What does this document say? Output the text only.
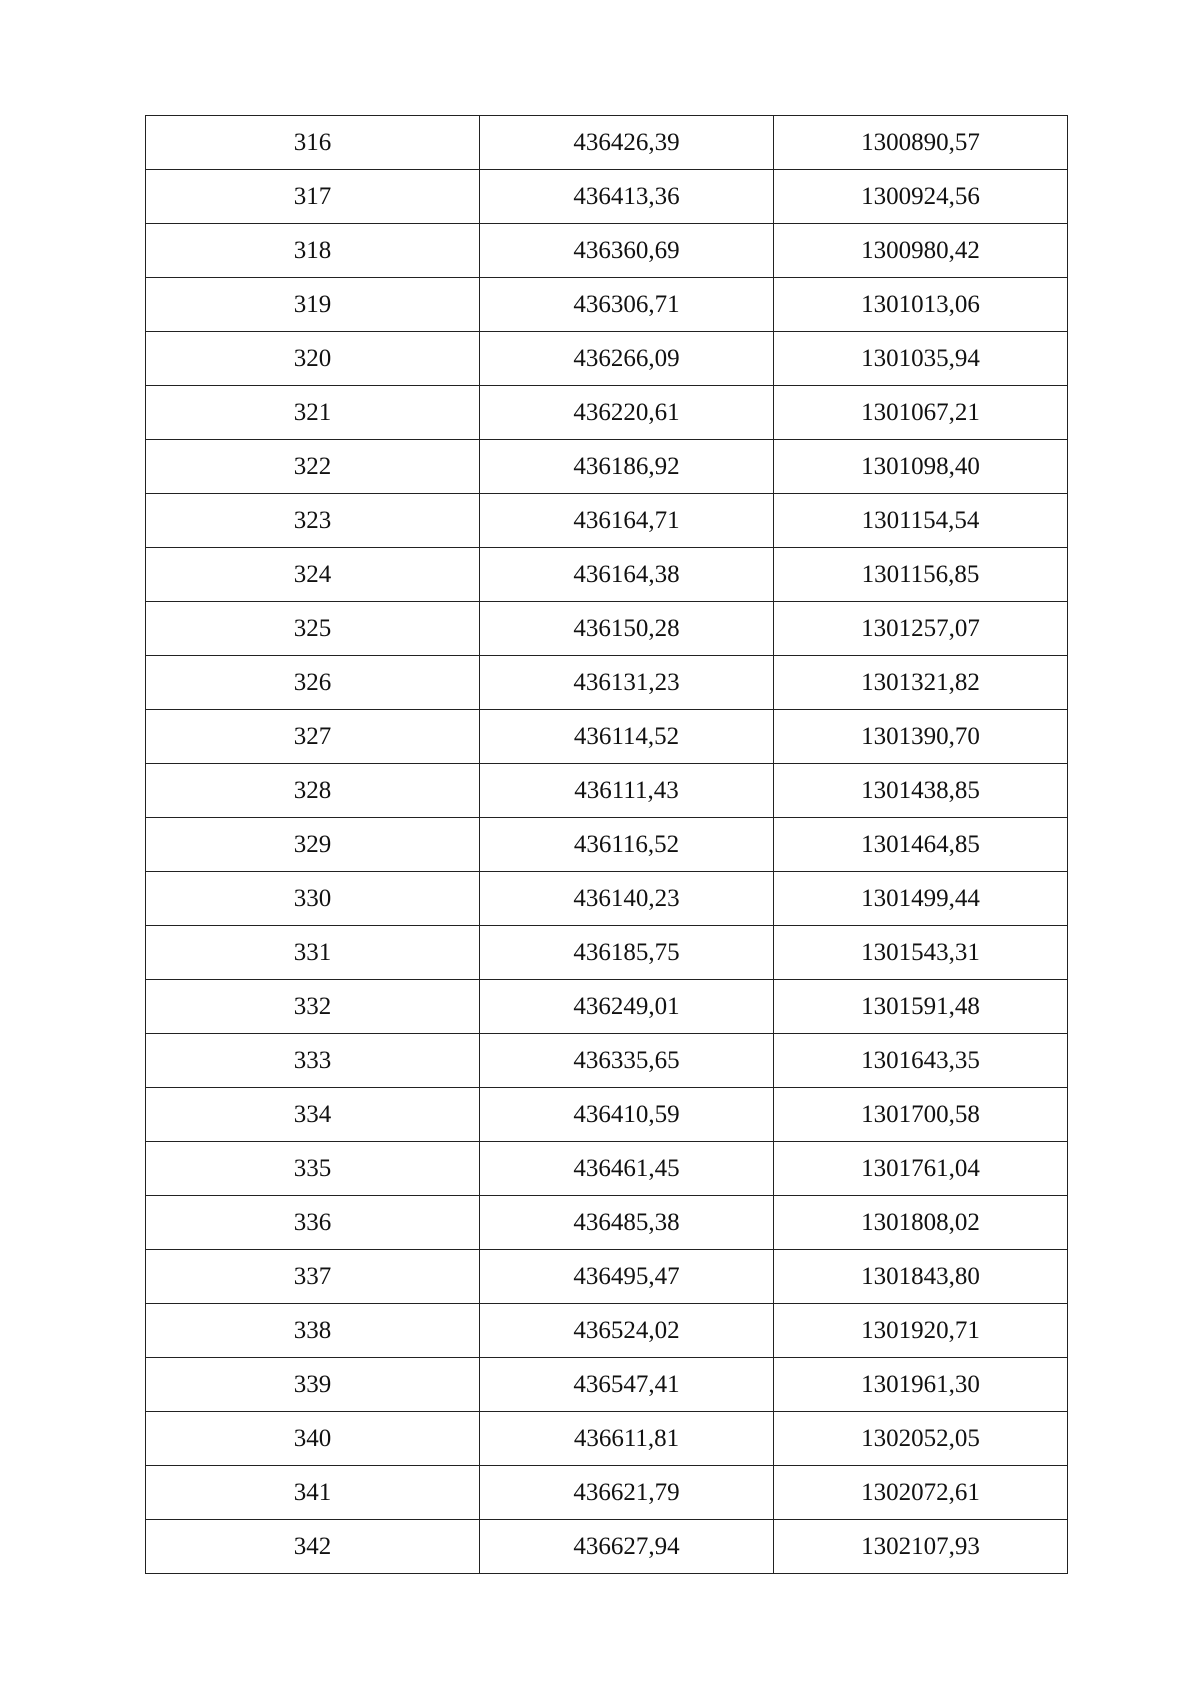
316	436426,39	1300890,57
317	436413,36	1300924,56
318	436360,69	1300980,42
319	436306,71	1301013,06
320	436266,09	1301035,94
321	436220,61	1301067,21
322	436186,92	1301098,40
323	436164,71	1301154,54
324	436164,38	1301156,85
325	436150,28	1301257,07
326	436131,23	1301321,82
327	436114,52	1301390,70
328	436111,43	1301438,85
329	436116,52	1301464,85
330	436140,23	1301499,44
331	436185,75	1301543,31
332	436249,01	1301591,48
333	436335,65	1301643,35
334	436410,59	1301700,58
335	436461,45	1301761,04
336	436485,38	1301808,02
337	436495,47	1301843,80
338	436524,02	1301920,71
339	436547,41	1301961,30
340	436611,81	1302052,05
341	436621,79	1302072,61
342	436627,94	1302107,93
